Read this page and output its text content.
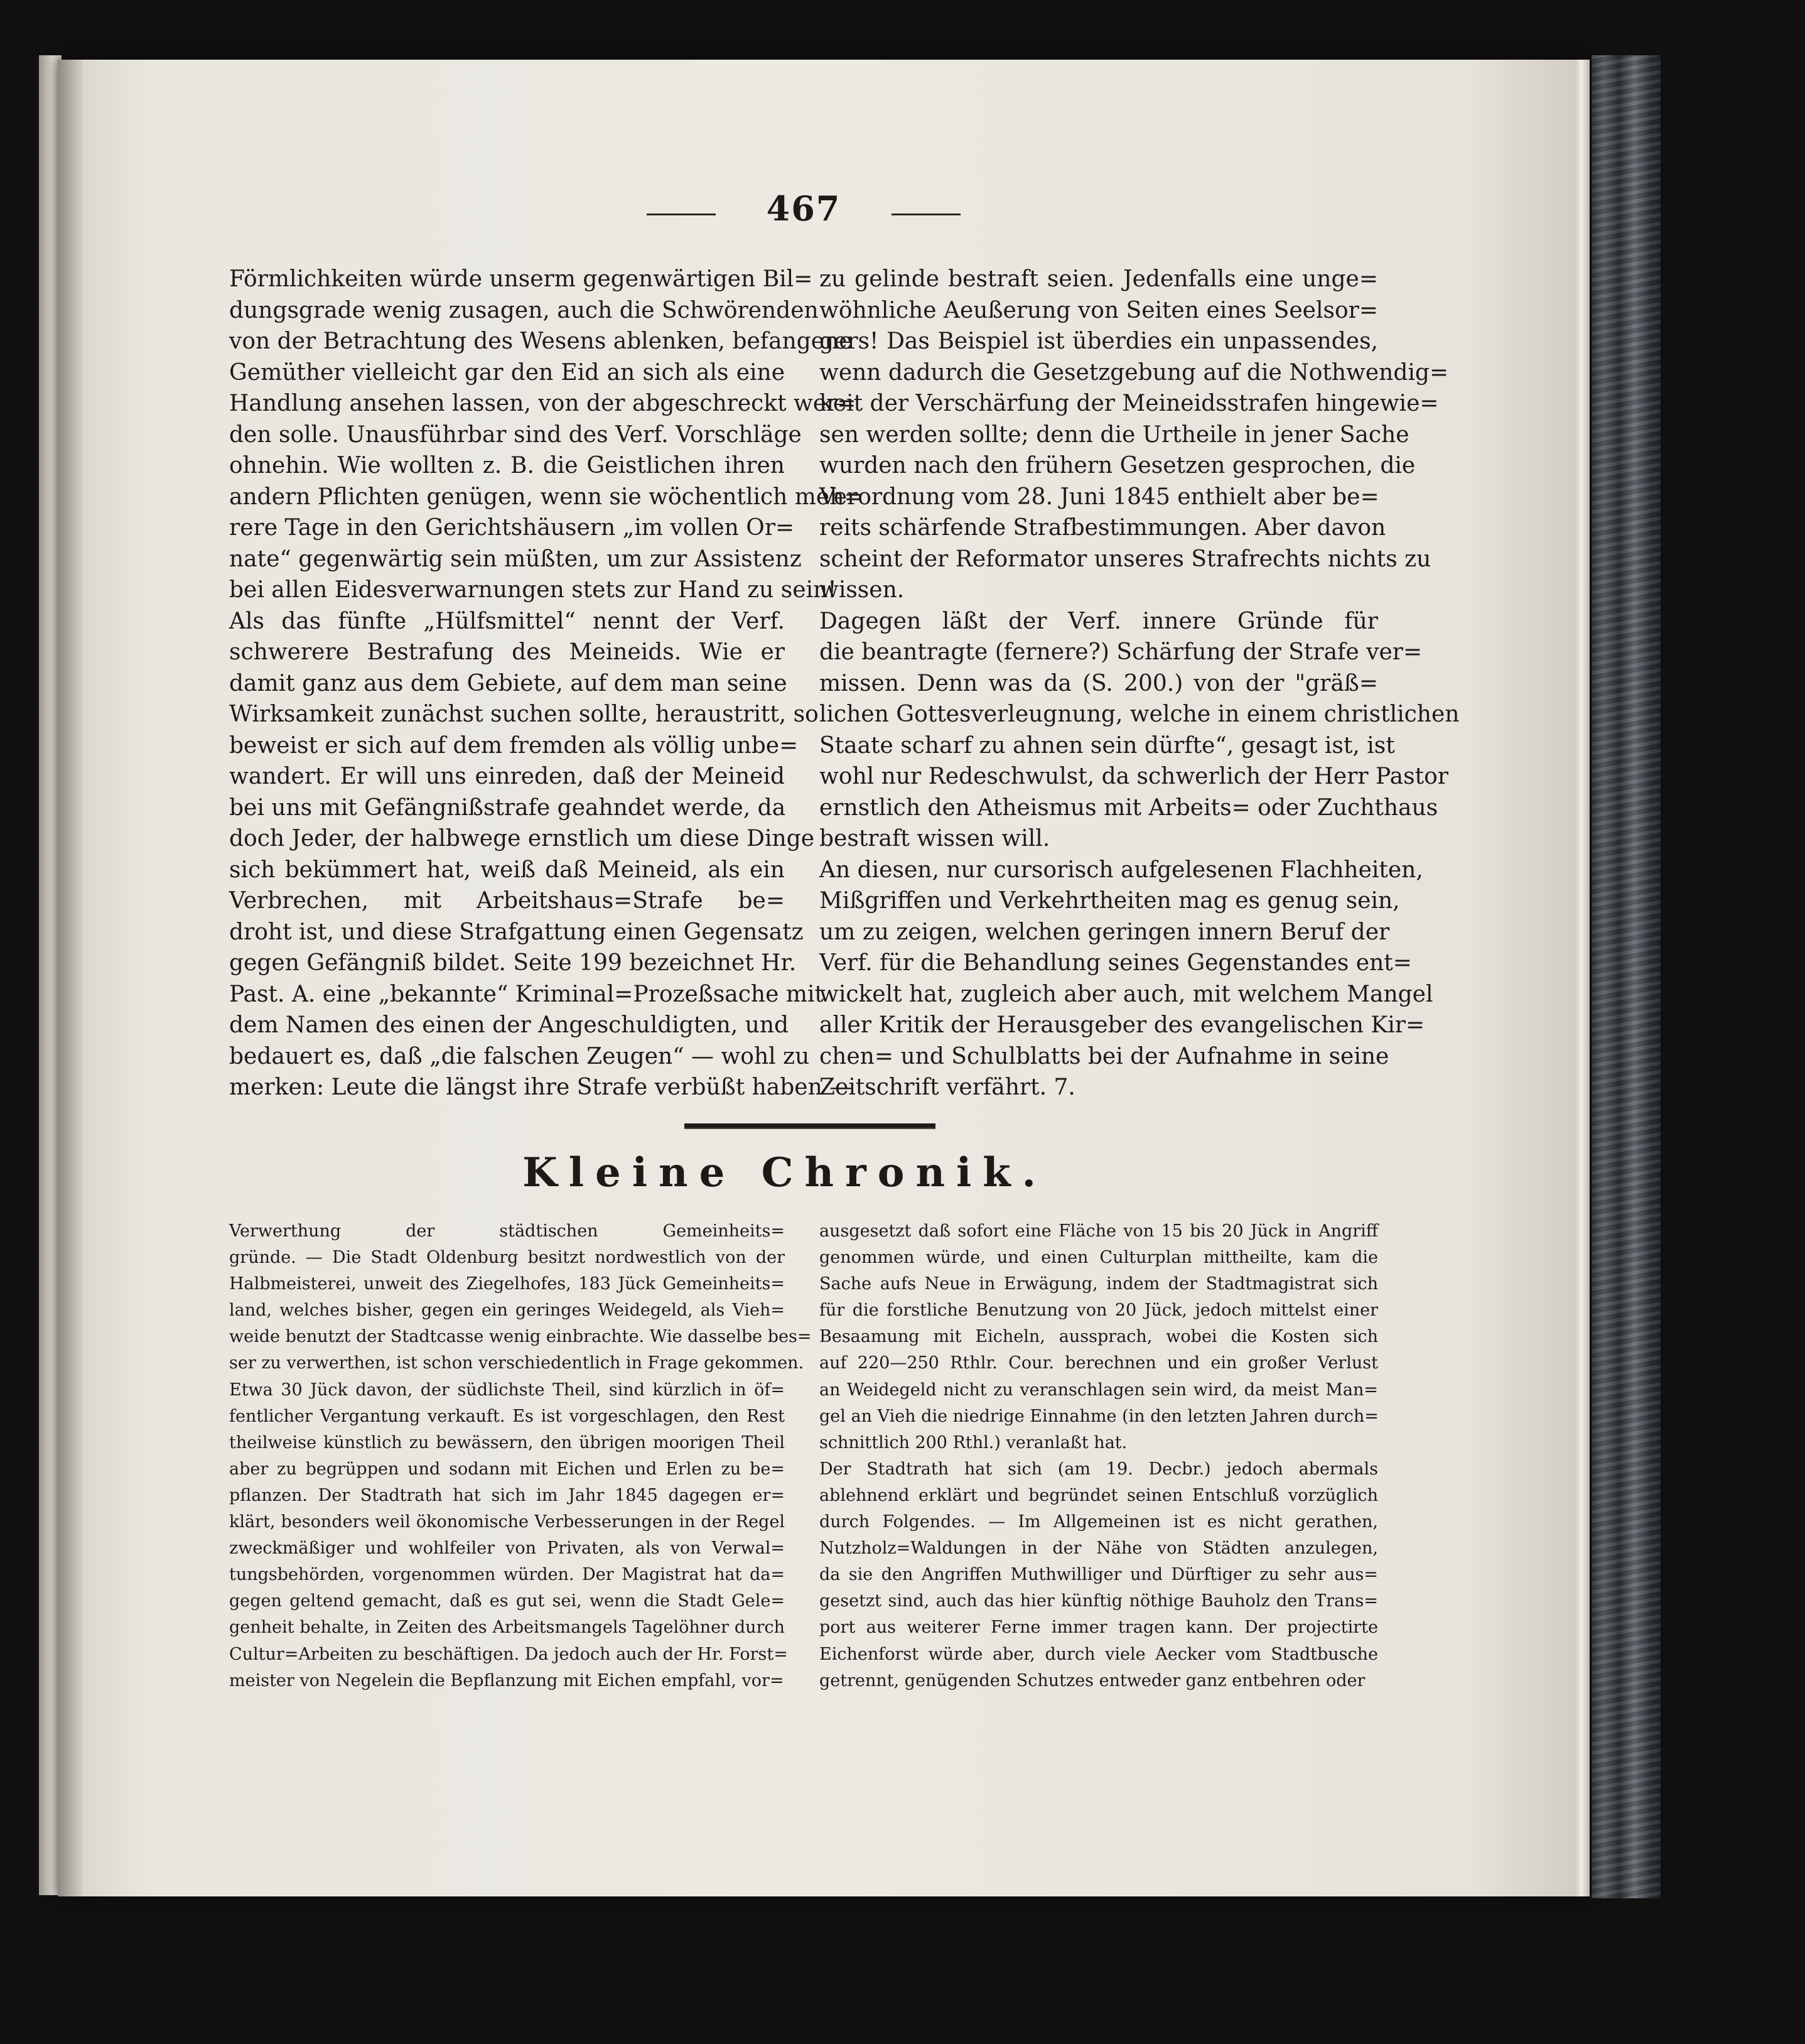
467
Förmlichkeiten würde unserm gegenwärtigen Bil=
dungsgrade wenig zusagen, auch die Schwörenden
von der Betrachtung des Wesens ablenken, befangene
Gemüther vielleicht gar den Eid an sich als eine
Handlung ansehen lassen, von der abgeschreckt wer=
den solle. Unausführbar sind des Verf. Vorschläge
ohnehin. Wie wollten z. B. die Geistlichen ihren
andern Pflichten genügen, wenn sie wöchentlich meh=
rere Tage in den Gerichtshäusern „im vollen Or=
nate“ gegenwärtig sein müßten, um zur Assistenz
bei allen Eidesverwarnungen stets zur Hand zu sein!
Als das fünfte „Hülfsmittel“ nennt der Verf.
schwerere Bestrafung des Meineids. Wie er
damit ganz aus dem Gebiete, auf dem man seine
Wirksamkeit zunächst suchen sollte, heraustritt, so
beweist er sich auf dem fremden als völlig unbe=
wandert. Er will uns einreden, daß der Meineid
bei uns mit Gefängnißstrafe geahndet werde, da
doch Jeder, der halbwege ernstlich um diese Dinge
sich bekümmert hat, weiß daß Meineid, als ein
Verbrechen, mit Arbeitshaus=Strafe be=
droht ist, und diese Strafgattung einen Gegensatz
gegen Gefängniß bildet. Seite 199 bezeichnet Hr.
Past. A. eine „bekannte“ Kriminal=Prozeßsache mit
dem Namen des einen der Angeschuldigten, und
bedauert es, daß „die falschen Zeugen“ — wohl zu
merken: Leute die längst ihre Strafe verbüßt haben —
zu gelinde bestraft seien. Jedenfalls eine unge=
wöhnliche Aeußerung von Seiten eines Seelsor=
gers! Das Beispiel ist überdies ein unpassendes,
wenn dadurch die Gesetzgebung auf die Nothwendig=
keit der Verschärfung der Meineidsstrafen hingewie=
sen werden sollte; denn die Urtheile in jener Sache
wurden nach den frühern Gesetzen gesprochen, die
Verordnung vom 28. Juni 1845 enthielt aber be=
reits schärfende Strafbestimmungen. Aber davon
scheint der Reformator unseres Strafrechts nichts zu
wissen.
Dagegen läßt der Verf. innere Gründe für
die beantragte (fernere?) Schärfung der Strafe ver=
missen. Denn was da (S. 200.) von der "gräß=
lichen Gottesverleugnung, welche in einem christlichen
Staate scharf zu ahnen sein dürfte“, gesagt ist, ist
wohl nur Redeschwulst, da schwerlich der Herr Pastor
ernstlich den Atheismus mit Arbeits= oder Zuchthaus
bestraft wissen will.
An diesen, nur cursorisch aufgelesenen Flachheiten,
Mißgriffen und Verkehrtheiten mag es genug sein,
um zu zeigen, welchen geringen innern Beruf der
Verf. für die Behandlung seines Gegenstandes ent=
wickelt hat, zugleich aber auch, mit welchem Mangel
aller Kritik der Herausgeber des evangelischen Kir=
chen= und Schulblatts bei der Aufnahme in seine
Zeitschrift verfährt. 7.
Kleine Chronik.
Verwerthung der städtischen Gemeinheits=
gründe. — Die Stadt Oldenburg besitzt nordwestlich von der
Halbmeisterei, unweit des Ziegelhofes, 183 Jück Gemeinheits=
land, welches bisher, gegen ein geringes Weidegeld, als Vieh=
weide benutzt der Stadtcasse wenig einbrachte. Wie dasselbe bes=
ser zu verwerthen, ist schon verschiedentlich in Frage gekommen.
Etwa 30 Jück davon, der südlichste Theil, sind kürzlich in öf=
fentlicher Vergantung verkauft. Es ist vorgeschlagen, den Rest
theilweise künstlich zu bewässern, den übrigen moorigen Theil
aber zu begrüppen und sodann mit Eichen und Erlen zu be=
pflanzen. Der Stadtrath hat sich im Jahr 1845 dagegen er=
klärt, besonders weil ökonomische Verbesserungen in der Regel
zweckmäßiger und wohlfeiler von Privaten, als von Verwal=
tungsbehörden, vorgenommen würden. Der Magistrat hat da=
gegen geltend gemacht, daß es gut sei, wenn die Stadt Gele=
genheit behalte, in Zeiten des Arbeitsmangels Tagelöhner durch
Cultur=Arbeiten zu beschäftigen. Da jedoch auch der Hr. Forst=
meister von Negelein die Bepflanzung mit Eichen empfahl, vor=
ausgesetzt daß sofort eine Fläche von 15 bis 20 Jück in Angriff
genommen würde, und einen Culturplan mittheilte, kam die
Sache aufs Neue in Erwägung, indem der Stadtmagistrat sich
für die forstliche Benutzung von 20 Jück, jedoch mittelst einer
Besaamung mit Eicheln, aussprach, wobei die Kosten sich
auf 220—250 Rthlr. Cour. berechnen und ein großer Verlust
an Weidegeld nicht zu veranschlagen sein wird, da meist Man=
gel an Vieh die niedrige Einnahme (in den letzten Jahren durch=
schnittlich 200 Rthl.) veranlaßt hat.
Der Stadtrath hat sich (am 19. Decbr.) jedoch abermals
ablehnend erklärt und begründet seinen Entschluß vorzüglich
durch Folgendes. — Im Allgemeinen ist es nicht gerathen,
Nutzholz=Waldungen in der Nähe von Städten anzulegen,
da sie den Angriffen Muthwilliger und Dürftiger zu sehr aus=
gesetzt sind, auch das hier künftig nöthige Bauholz den Trans=
port aus weiterer Ferne immer tragen kann. Der projectirte
Eichenforst würde aber, durch viele Aecker vom Stadtbusche
getrennt, genügenden Schutzes entweder ganz entbehren oder
